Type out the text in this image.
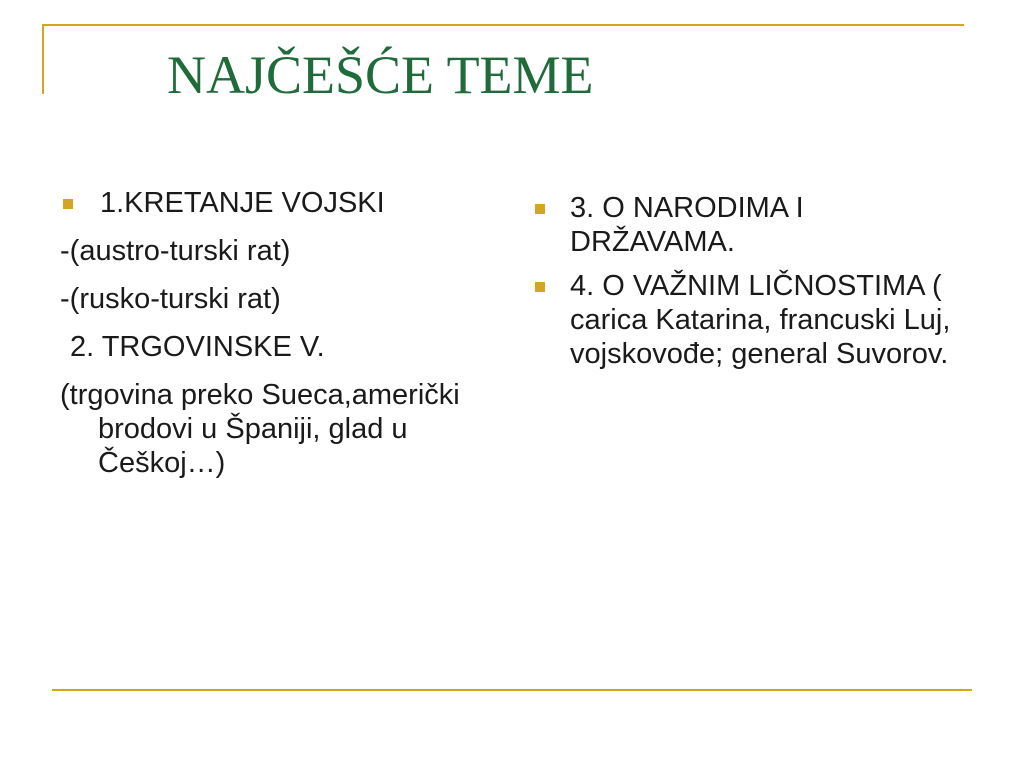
NAJČEŠĆE TEME
1.KRETANJE VOJSKI
-(austro-turski rat)
-(rusko-turski rat)
2. TRGOVINSKE V.
(trgovina preko Sueca,američki brodovi u Španiji, glad u Češkoj…)
3. O NARODIMA I DRŽAVAMA.
4. O VAŽNIM LIČNOSTIMA ( carica Katarina, francuski Luj, vojskovođe; general Suvorov.
